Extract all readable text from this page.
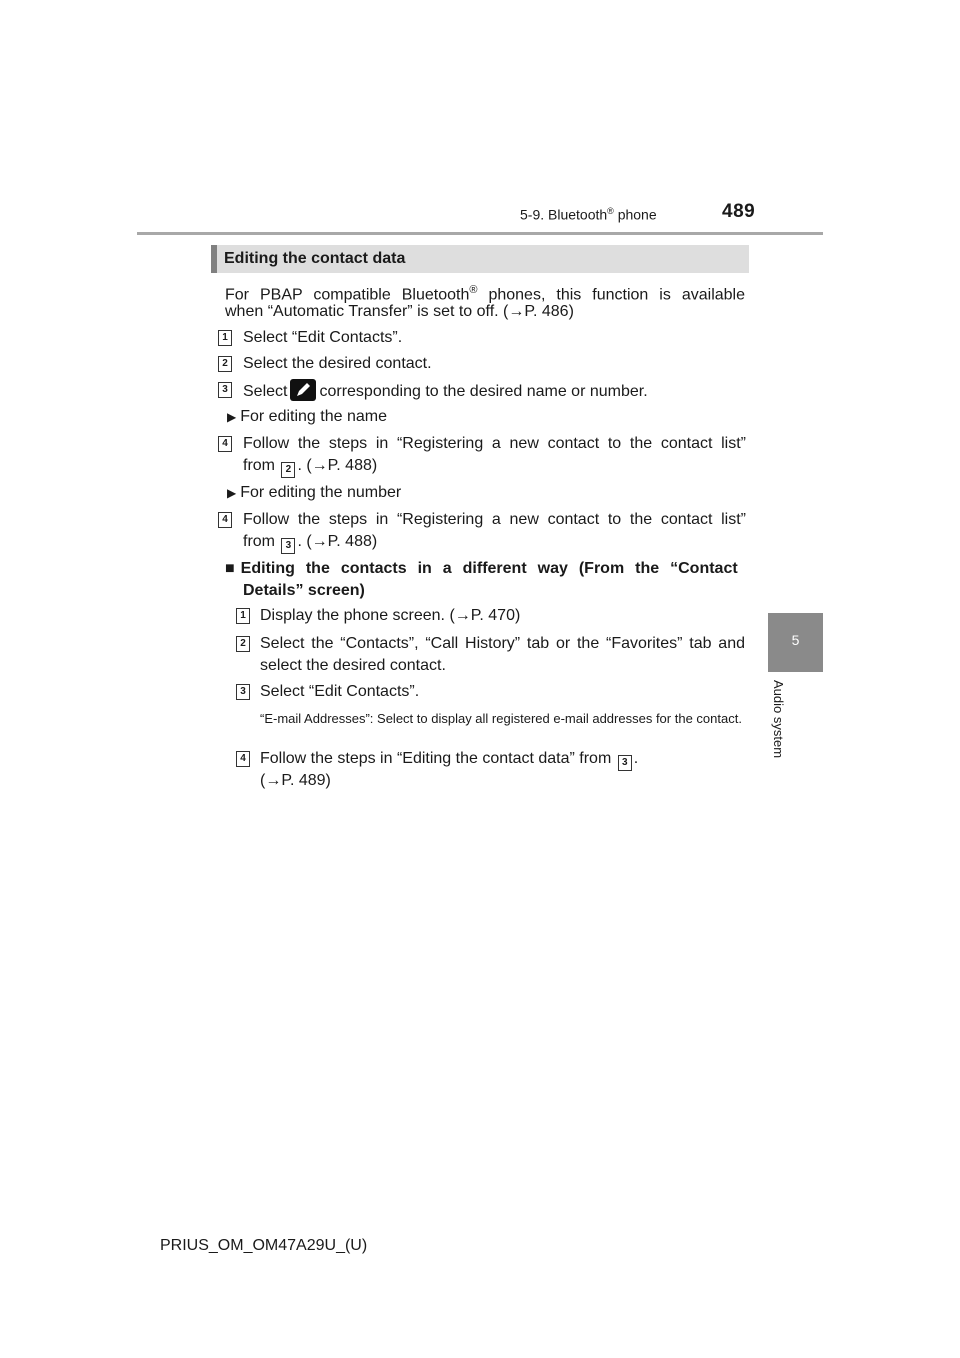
5-9. Bluetooth® phone	489
5
Audio system
Editing the contact data
For PBAP compatible Bluetooth® phones, this function is available
when “Automatic Transfer” is set to off. (→P. 486)
1 Select “Edit Contacts”.
2 Select the desired contact.
3 Select corresponding to the desired name or number.
▶ For editing the name
4 Follow the steps in “Registering a new contact to the contact list”
from 2 . (→P. 488)
▶ For editing the number
4 Follow the steps in “Registering a new contact to the contact list”
from 3 . (→P. 488)
■ Editing the contacts in a different way (From the “Contact
Details” screen)
1 Display the phone screen. (→P. 470)
2 Select the “Contacts”, “Call History” tab or the “Favorites” tab and
select the desired contact.
3 Select “Edit Contacts”.
“E-mail Addresses”: Select to display all registered e-mail addresses for the contact.
4 Follow the steps in “Editing the contact data” from 3 .
(→P. 489)
PRIUS_OM_OM47A29U_(U)
